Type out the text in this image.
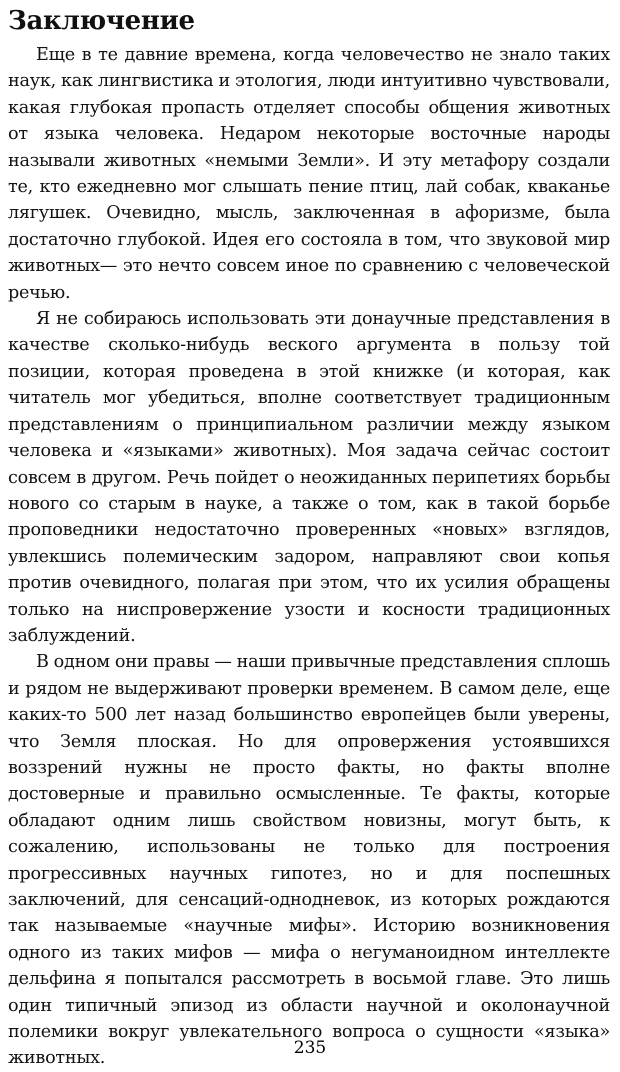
Заключение

Еще в те давние времена, когда человечество не знало таких наук, как лингвистика и этология, люди интуитивно чувствовали, какая глубокая пропасть отделяет способы общения животных от языка человека. Недаром некоторые восточные народы называли животных «немыми Земли». И эту метафору создали те, кто ежедневно мог слышать пение птиц, лай собак, кваканье лягушек. Очевидно, мысль, заключенная в афоризме, была достаточно глубокой. Идея его состояла в том, что звуковой мир животных— это нечто совсем иное по сравнению с человеческой речью.

Я не собираюсь использовать эти донаучные представления в качестве сколько-нибудь веского аргумента в пользу той позиции, которая проведена в этой книжке (и которая, как читатель мог убедиться, вполне соответствует традиционным представлениям о принципиальном различии между языком человека и «языками» животных). Моя задача сейчас состоит совсем в другом. Речь пойдет о неожиданных перипетиях борьбы нового со старым в науке, а также о том, как в такой борьбе проповедники недостаточно проверенных «новых» взглядов, увлекшись полемическим задором, направляют свои копья против очевидного, полагая при этом, что их усилия обращены только на ниспровержение узости и косности традиционных заблуждений.

В одном они правы — наши привычные представления сплошь и рядом не выдерживают проверки временем. В самом деле, еще каких-то 500 лет назад большинство европейцев были уверены, что Земля плоская. Но для опровержения устоявшихся воззрений нужны не просто факты, но факты вполне достоверные и правильно осмысленные. Те факты, которые обладают одним лишь свойством новизны, могут быть, к сожалению, использованы не только для построения прогрессивных научных гипотез, но и для поспешных заключений, для сенсаций-однодневок, из которых рождаются так называемые «научные мифы». Историю возникновения одного из таких мифов — мифа о негуманоидном интеллекте дельфина я попытался рассмотреть в восьмой главе. Это лишь один типичный эпизод из области научной и околонаучной полемики вокруг увлекательного вопроса о сущности «языка» животных.

235
